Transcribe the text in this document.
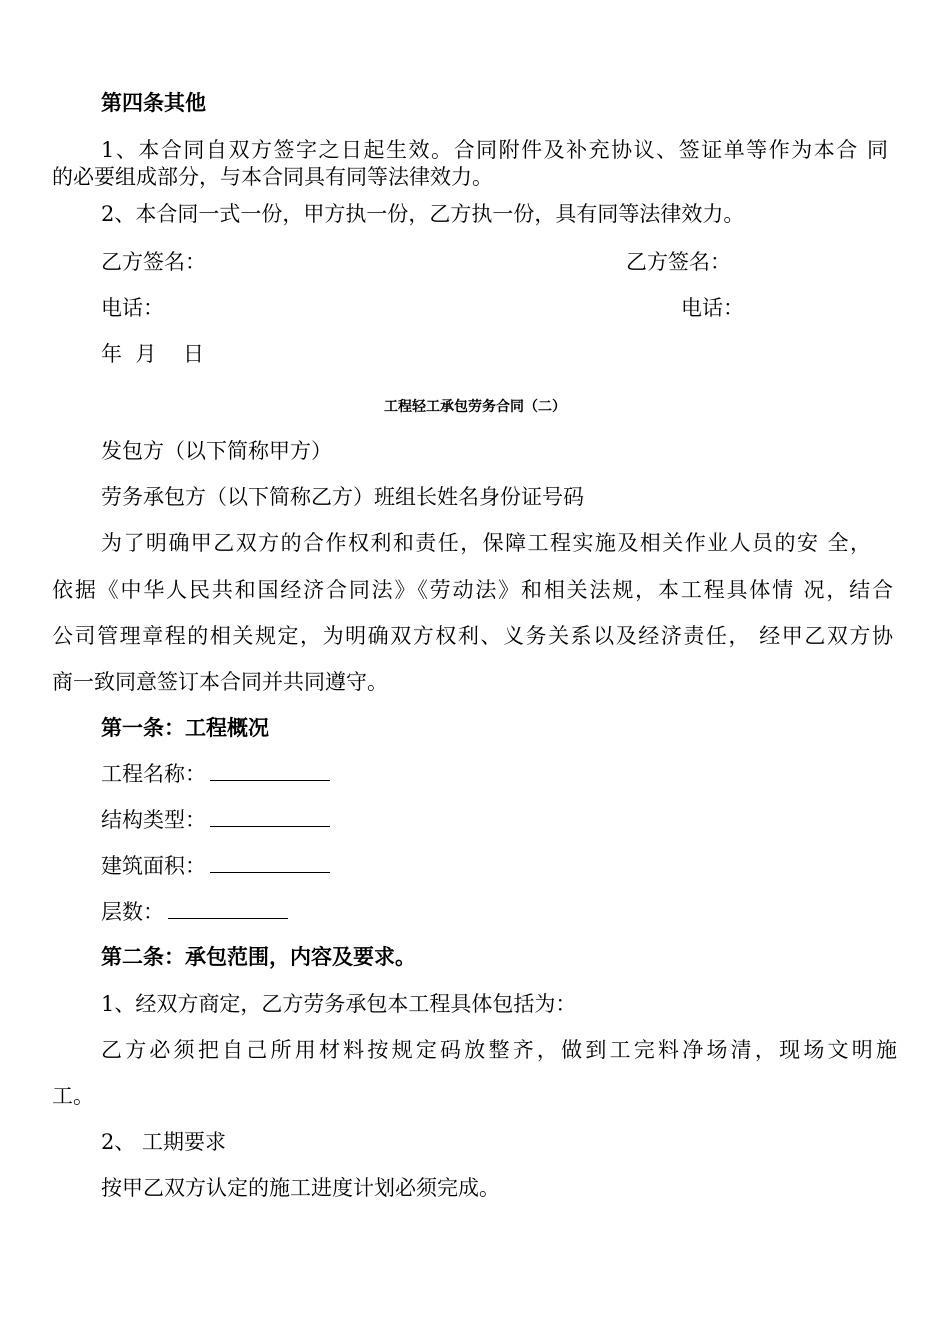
第四条其他

1、本合同自双方签字之日起生效。合同附件及补充协议、签证单等作为本合 同

的必要组成部分，与本合同具有同等法律效力。

2、本合同一式一份，甲方执一份，乙方执一份，具有同等法律效力。

乙方签名：	乙方签名：

电话：	电话：

年  月    日

工程轻工承包劳务合同（二）

发包方（以下简称甲方）

劳务承包方（以下简称乙方）班组长姓名身份证号码

为了明确甲乙双方的合作权利和责任，保障工程实施及相关作业人员的安 全，

依据《中华人民共和国经济合同法》《劳动法》和相关法规，本工程具体情 况，结合

公司管理章程的相关规定，为明确双方权利、义务关系以及经济责任， 经甲乙双方协

商一致同意签订本合同并共同遵守。

第一条：工程概况

工程名称：

结构类型：

建筑面积：

层数：

第二条：承包范围，内容及要求。

1、经双方商定，乙方劳务承包本工程具体包括为：

乙方必须把自己所用材料按规定码放整齐，做到工完料净场清，现场文明施

工。

2、 工期要求

按甲乙双方认定的施工进度计划必须完成。
